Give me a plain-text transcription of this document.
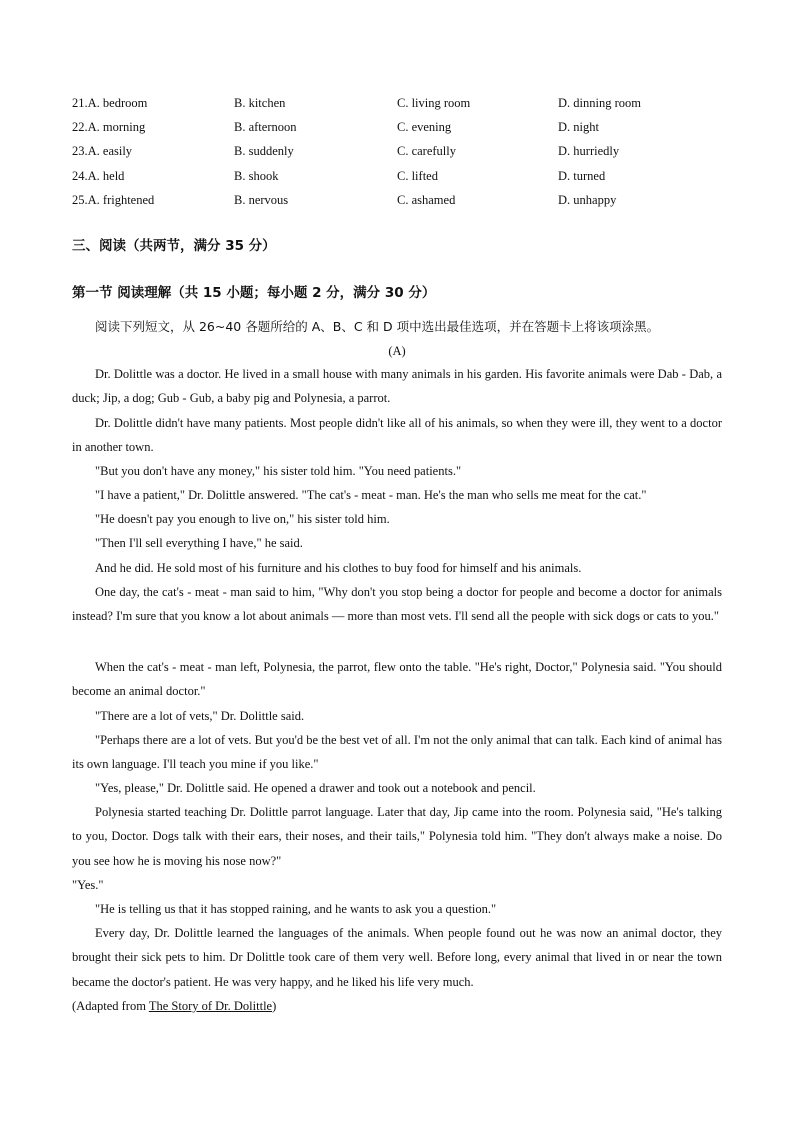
21.A. bedroom	B. kitchen	C. living room	D. dinning room
22.A. morning	B. afternoon	C. evening	D. night
23.A. easily	B. suddenly	C. carefully	D. hurriedly
24.A. held	B. shook	C. lifted	D. turned
25.A. frightened	B. nervous	C. ashamed	D. unhappy
三、阅读（共两节，满分 35 分）
第一节 阅读理解（共 15 小题；每小题 2 分，满分 30 分）
阅读下列短文，从 26~40 各题所给的 A、B、C 和 D 项中选出最佳选项，并在答题卡上将该项涂黑。
(A)
Dr. Dolittle was a doctor. He lived in a small house with many animals in his garden. His favorite animals were Dab - Dab, a duck; Jip, a dog; Gub - Gub, a baby pig and Polynesia, a parrot.
Dr. Dolittle didn't have many patients. Most people didn't like all of his animals, so when they were ill, they went to a doctor in another town.
"But you don't have any money," his sister told him. "You need patients."
"I have a patient," Dr. Dolittle answered. "The cat's - meat - man. He's the man who sells me meat for the cat."
"He doesn't pay you enough to live on," his sister told him.
"Then I'll sell everything I have," he said.
And he did. He sold most of his furniture and his clothes to buy food for himself and his animals.
One day, the cat's - meat - man said to him, "Why don't you stop being a doctor for people and become a doctor for animals instead? I'm sure that you know a lot about animals — more than most vets. I'll send all the people with sick dogs or cats to you."
When the cat's - meat - man left, Polynesia, the parrot, flew onto the table. "He's right, Doctor," Polynesia said. "You should become an animal doctor."
"There are a lot of vets," Dr. Dolittle said.
"Perhaps there are a lot of vets. But you'd be the best vet of all. I'm not the only animal that can talk. Each kind of animal has its own language. I'll teach you mine if you like."
"Yes, please," Dr. Dolittle said. He opened a drawer and took out a notebook and pencil.
Polynesia started teaching Dr. Dolittle parrot language. Later that day, Jip came into the room. Polynesia said, "He's talking to you, Doctor. Dogs talk with their ears, their noses, and their tails," Polynesia told him. "They don't always make a noise. Do you see how he is moving his nose now?"
"Yes."
"He is telling us that it has stopped raining, and he wants to ask you a question."
Every day, Dr. Dolittle learned the languages of the animals. When people found out he was now an animal doctor, they brought their sick pets to him. Dr Dolittle took care of them very well. Before long, every animal that lived in or near the town became the doctor's patient. He was very happy, and he liked his life very much.
(Adapted from The Story of Dr. Dolittle)
